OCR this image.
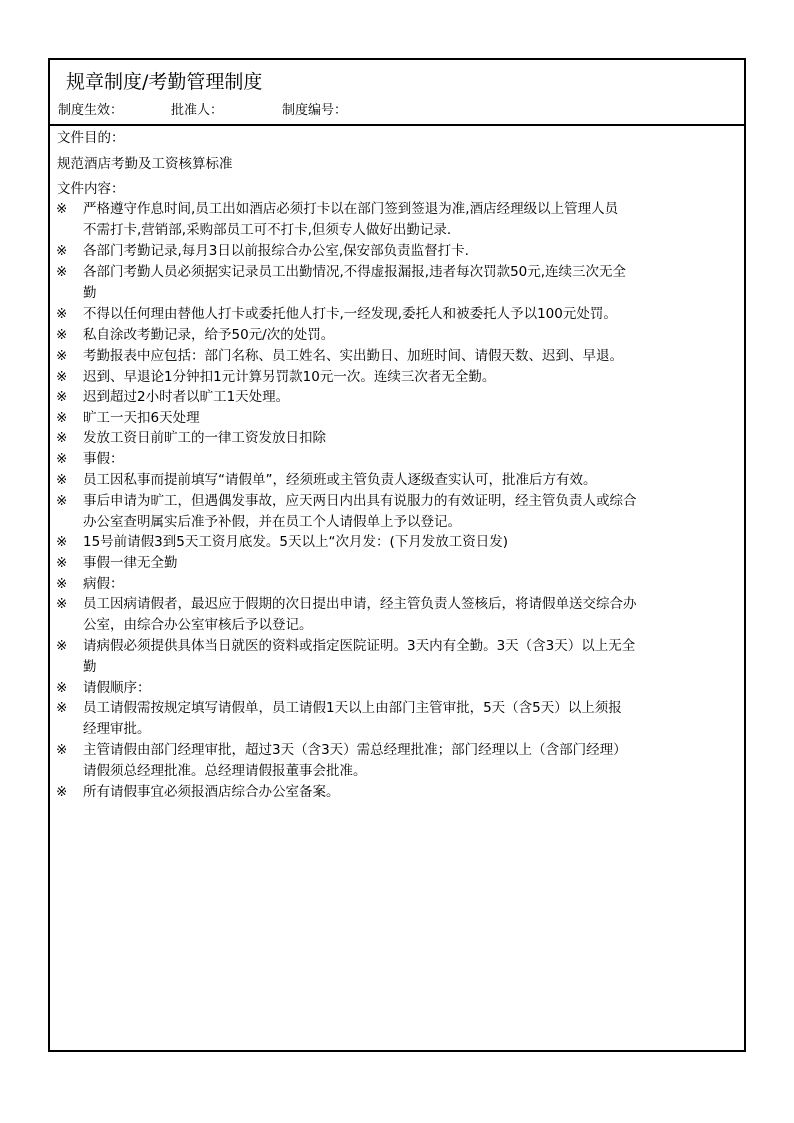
规章制度/考勤管理制度
制度生效：	批准人：	制度编号：
文件目的：
规范酒店考勤及工资核算标准
文件内容：
※	严格遵守作息时间,员工出如酒店必须打卡以在部门签到签退为准,酒店经理级以上管理人员
不需打卡,营销部,采购部员工可不打卡,但须专人做好出勤记录.
※	各部门考勤记录,每月3日以前报综合办公室,保安部负责监督打卡.
※	各部门考勤人员必须据实记录员工出勤情况,不得虚报漏报,违者每次罚款50元,连续三次无全
勤
※	不得以任何理由替他人打卡或委托他人打卡,一经发现,委托人和被委托人予以100元处罚。
※	私自涂改考勤记录，给予50元/次的处罚。
※	考勤报表中应包括：部门名称、员工姓名、实出勤日、加班时间、请假天数、迟到、早退。
※	迟到、早退论1分钟扣1元计算另罚款10元一次。连续三次者无全勤。
※	迟到超过2小时者以旷工1天处理。
※	旷工一天扣6天处理
※	发放工资日前旷工的一律工资发放日扣除
※	事假：
※	员工因私事而提前填写“请假单”，经须班或主管负责人逐级查实认可，批准后方有效。
※	事后申请为旷工，但遇偶发事故，应天两日内出具有说服力的有效证明，经主管负责人或综合
办公室查明属实后准予补假，并在员工个人请假单上予以登记。
※	15号前请假3到5天工资月底发。5天以上“次月发：(下月发放工资日发)
※	事假一律无全勤
※	病假：
※	员工因病请假者，最迟应于假期的次日提出申请，经主管负责人签核后，将请假单送交综合办
公室，由综合办公室审核后予以登记。
※	请病假必须提供具体当日就医的资料或指定医院证明。3天内有全勤。3天（含3天）以上无全
勤
※	请假顺序：
※	员工请假需按规定填写请假单，员工请假1天以上由部门主管审批，5天（含5天）以上须报
经理审批。
※	主管请假由部门经理审批，超过3天（含3天）需总经理批准；部门经理以上（含部门经理）
请假须总经理批准。总经理请假报董事会批准。
※	所有请假事宜必须报酒店综合办公室备案。
